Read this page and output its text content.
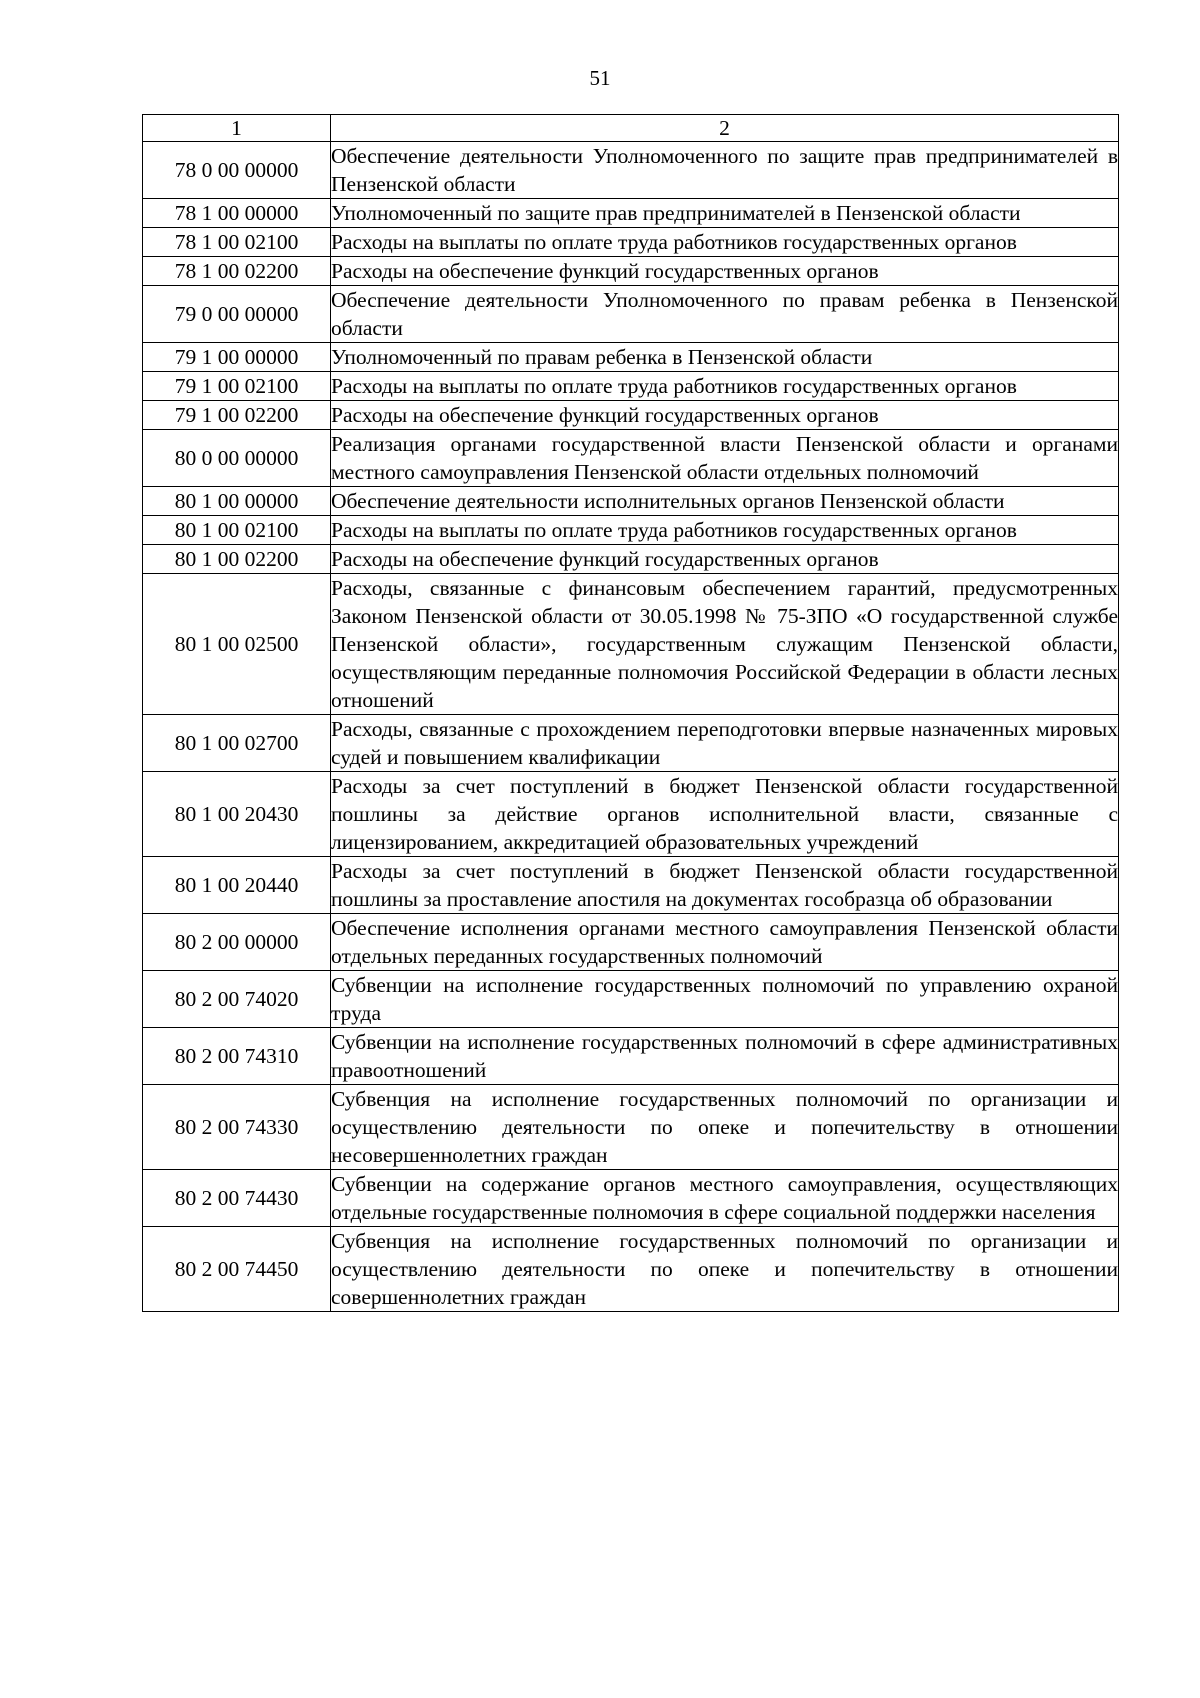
51
1	2
78 0 00 00000	Обеспечение деятельности Уполномоченного по защите прав предпринимателей в Пензенской области
78 1 00 00000	Уполномоченный по защите прав предпринимателей в Пензенской области
78 1 00 02100	Расходы на выплаты по оплате труда работников государственных органов
78 1 00 02200	Расходы на обеспечение функций государственных органов
79 0 00 00000	Обеспечение деятельности Уполномоченного по правам ребенка в Пензенской области
79 1 00 00000	Уполномоченный по правам ребенка в Пензенской области
79 1 00 02100	Расходы на выплаты по оплате труда работников государственных органов
79 1 00 02200	Расходы на обеспечение функций государственных органов
80 0 00 00000	Реализация органами государственной власти Пензенской области и органами местного самоуправления Пензенской области отдельных полномочий
80 1 00 00000	Обеспечение деятельности исполнительных органов Пензенской области
80 1 00 02100	Расходы на выплаты по оплате труда работников государственных органов
80 1 00 02200	Расходы на обеспечение функций государственных органов
80 1 00 02500	Расходы, связанные с финансовым обеспечением гарантий, предусмотренных Законом Пензенской области от 30.05.1998 № 75-ЗПО «О государственной службе Пензенской области», государственным служащим Пензенской области, осуществляющим переданные полномочия Российской Федерации в области лесных отношений
80 1 00 02700	Расходы, связанные с прохождением переподготовки впервые назначенных мировых судей и повышением квалификации
80 1 00 20430	Расходы за счет поступлений в бюджет Пензенской области государственной пошлины за действие органов исполнительной власти, связанные с лицензированием, аккредитацией образовательных учреждений
80 1 00 20440	Расходы за счет поступлений в бюджет Пензенской области государственной пошлины за проставление апостиля на документах гособразца об образовании
80 2 00 00000	Обеспечение исполнения органами местного самоуправления Пензенской области отдельных переданных государственных полномочий
80 2 00 74020	Субвенции на исполнение государственных полномочий по управлению охраной труда
80 2 00 74310	Субвенции на исполнение государственных полномочий в сфере административных правоотношений
80 2 00 74330	Субвенция на исполнение государственных полномочий по организации и осуществлению деятельности по опеке и попечительству в отношении несовершеннолетних граждан
80 2 00 74430	Субвенции на содержание органов местного самоуправления, осуществляющих отдельные государственные полномочия в сфере социальной поддержки населения
80 2 00 74450	Субвенция на исполнение государственных полномочий по организации и осуществлению деятельности по опеке и попечительству в отношении совершеннолетних граждан
